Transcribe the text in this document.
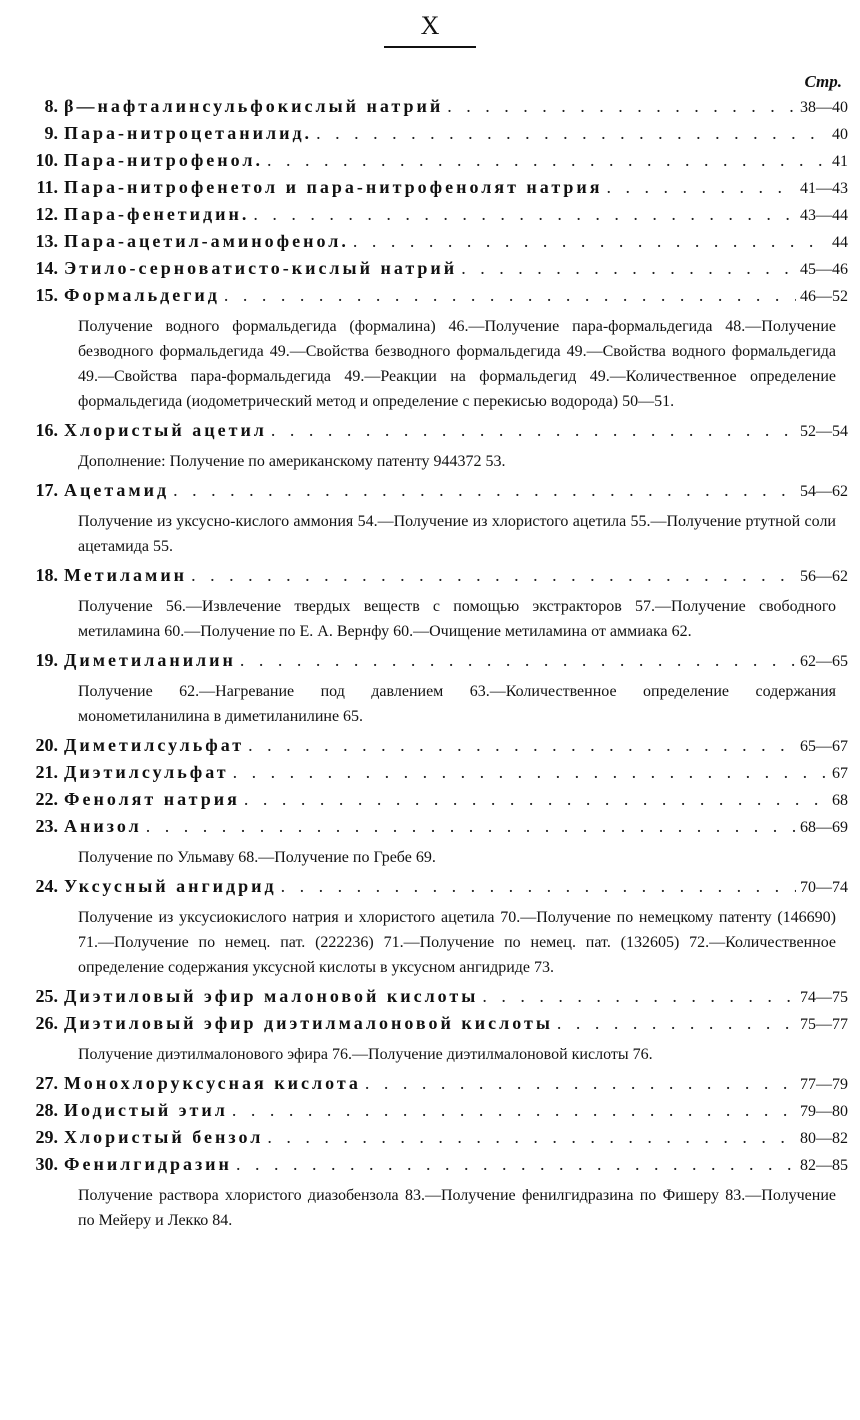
X
Стр.
8. β—нафталинсульфокислый натрий . . .	38—40
9. Пара-нитроцетанилид. . . .	40
10. Пара-нитрофенол. . . .	41
11. Пара-нитрофенетол и пара-нитрофенолят натрия . . .	41—43
12. Пара-фенетидин. . . .	43—44
13. Пара-ацетил-аминофенол. . . .	44
14. Этило-серноватисто-кислый натрий . . .	45—46
15. Формальдегид . . .	46—52
Получение водного формальдегида (формалина) 46.—Получение пара-формальдегида 48.—Получение безводного формальдегида 49.—Свойства безводного формальдегида 49.—Свойства водного формальдегида 49.—Свойства пара-формальдегида 49.—Реакции на формальдегид 49.—Количественное определение формальдегида (иодометрический метод и определение с перекисью водорода) 50—51.
16. Хлористый ацетил . . .	52—54
Дополнение: Получение по американскому патенту 944372 53.
17. Ацетамид . . .	54—62
Получение из уксусно-кислого аммония 54.—Получение из хлористого ацетила 55.—Получение ртутной соли ацетамида 55.
18. Метиламин . . .	56—62
Получение 56.—Извлечение твердых веществ с помощью экстракторов 57.—Получение свободного метиламина 60.—Получение по Е. А. Вернфу 60.—Очищение метиламина от аммиака 62.
19. Диметиланилин . . .	62—65
Получение 62.—Нагревание под давлением 63.—Количественное определение содержания монометиланилина в диметиланилине 65.
20. Диметилсульфат . . .	65—67
21. Диэтилсульфат . . .	67
22. Фенолят натрия . . .	68
23. Анизол . . .	68—69
Получение по Ульмаву 68.—Получение по Гребе 69.
24. Уксусный ангидрид . . .	70—74
Получение из уксусиокислого натрия и хлористого ацетила 70.—Получение по немецкому патенту (146690) 71.—Получение по немец. пат. (222236) 71.—Получение по немец. пат. (132605) 72.—Количественное определение содержания уксусной кислоты в уксусном ангидриде 73.
25. Диэтиловый эфир малоновой кислоты . . .	74—75
26. Диэтиловый эфир диэтилмалоновой кислоты . . .	75—77
Получение диэтилмалонового эфира 76.—Получение диэтилмалоновой кислоты 76.
27. Монохлоруксусная кислота . . .	77—79
28. Иодистый этил . . .	79—80
29. Хлористый бензол . . .	80—82
30. Фенилгидразин . . .	82—85
Получение раствора хлористого диазобензола 83.—Получение фенилгидразина по Фишеру 83.—Получение по Мейеру и Лекко 84.
